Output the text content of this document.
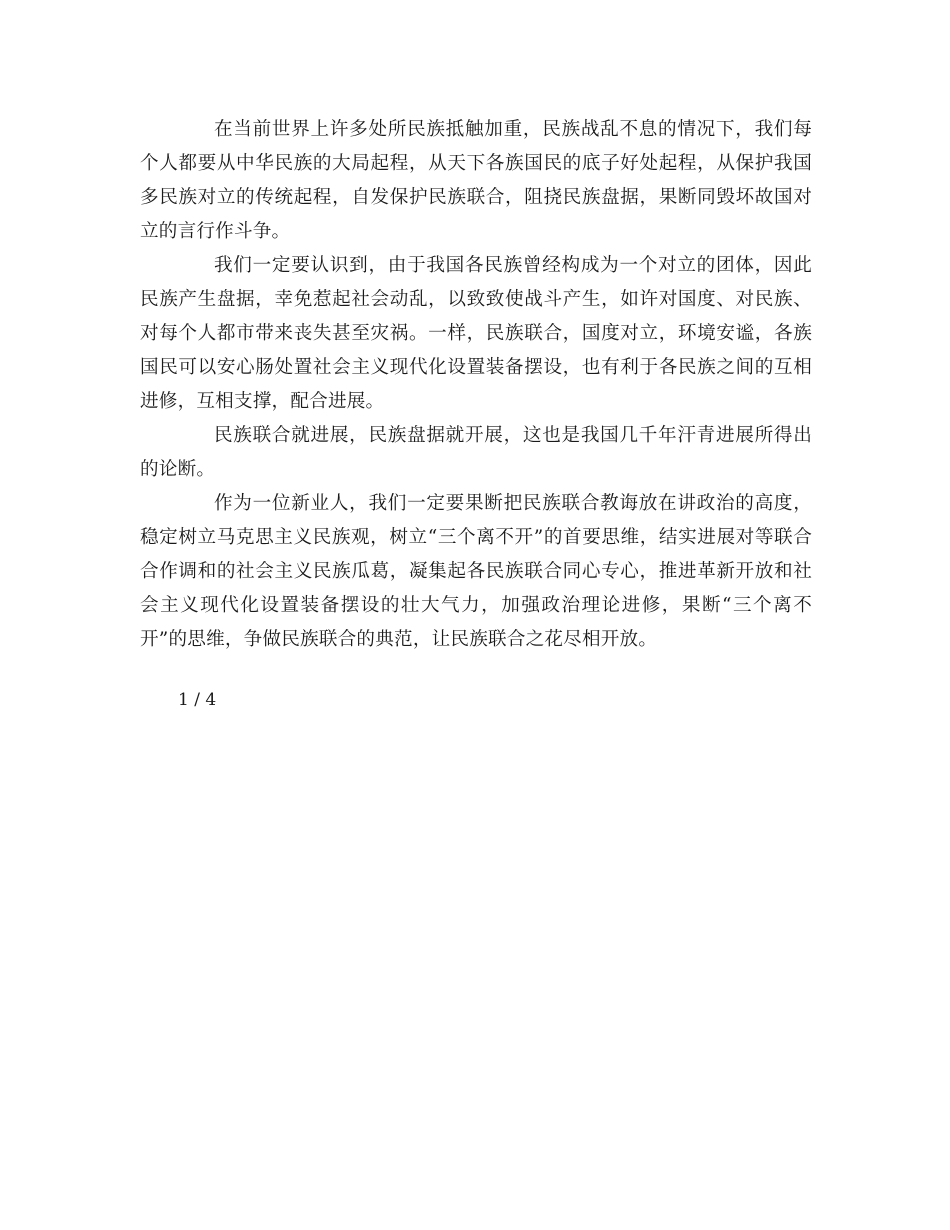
在当前世界上许多处所民族抵触加重，民族战乱不息的情况下，我们每个人都要从中华民族的大局起程，从天下各族国民的底子好处起程，从保护我国多民族对立的传统起程，自发保护民族联合，阻挠民族盘据，果断同毁坏故国对立的言行作斗争。

我们一定要认识到，由于我国各民族曾经构成为一个对立的团体，因此民族产生盘据，幸免惹起社会动乱，以致致使战斗产生，如许对国度、对民族、对每个人都市带来丧失甚至灾祸。一样，民族联合，国度对立，环境安谧，各族国民可以安心肠处置社会主义现代化设置装备摆设，也有利于各民族之间的互相进修，互相支撑，配合进展。

民族联合就进展，民族盘据就开展，这也是我国几千年汗青进展所得出的论断。

作为一位新业人，我们一定要果断把民族联合教诲放在讲政治的高度，稳定树立马克思主义民族观，树立“三个离不开”的首要思维，结实进展对等联合合作调和的社会主义民族瓜葛，凝集起各民族联合同心专心，推进革新开放和社会主义现代化设置装备摆设的壮大气力，加强政治理论进修，果断“三个离不开”的思维，争做民族联合的典范，让民族联合之花尽相开放。

1 / 4
